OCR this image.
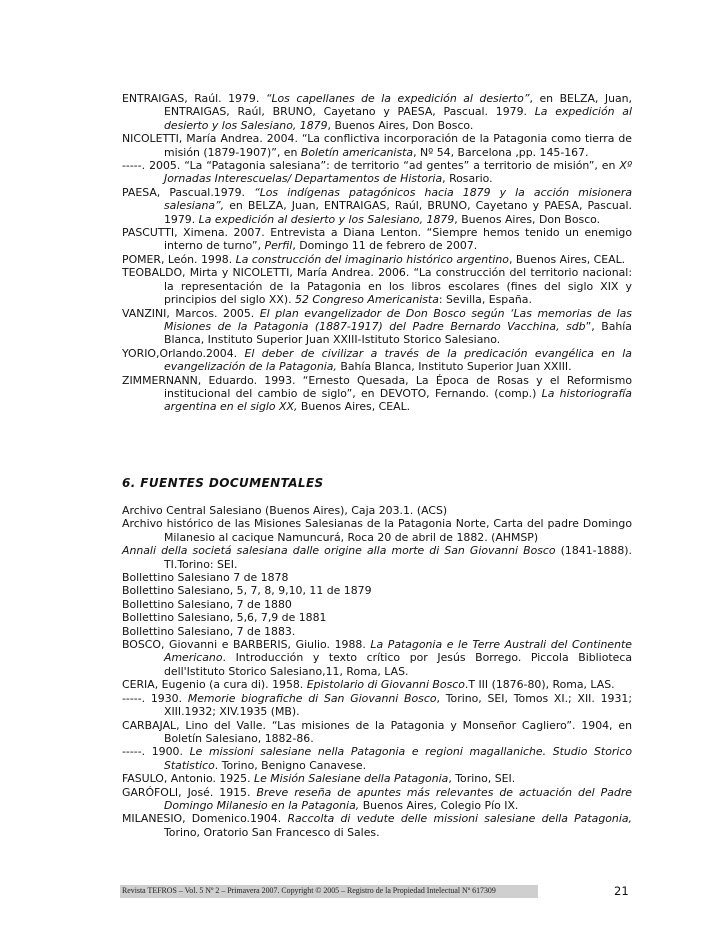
ENTRAIGAS, Raúl. 1979. “Los capellanes de la expedición al desierto”, en BELZA, Juan, ENTRAIGAS, Raúl, BRUNO, Cayetano y PAESA, Pascual. 1979. La expedición al desierto y los Salesiano, 1879, Buenos Aires, Don Bosco.

NICOLETTI, María Andrea. 2004. “La conflictiva incorporación de la Patagonia como tierra de misión (1879-1907)”, en Boletín americanista, Nº 54, Barcelona ,pp. 145-167.

-----. 2005. “La “Patagonia salesiana”: de territorio “ad gentes” a territorio de misión”, en Xº Jornadas Interescuelas/ Departamentos de Historia, Rosario.

PAESA, Pascual.1979. “Los indígenas patagónicos hacia 1879 y la acción misionera salesiana”, en BELZA, Juan, ENTRAIGAS, Raúl, BRUNO, Cayetano y PAESA, Pascual. 1979. La expedición al desierto y los Salesiano, 1879, Buenos Aires, Don Bosco.

PASCUTTI, Ximena. 2007. Entrevista a Diana Lenton. “Siempre hemos tenido un enemigo interno de turno”, Perfil, Domingo 11 de febrero de 2007.

POMER, León. 1998. La construcción del imaginario histórico argentino, Buenos Aires, CEAL.

TEOBALDO, Mirta y NICOLETTI, María Andrea. 2006. “La construcción del territorio nacional: la representación de la Patagonia en los libros escolares (fines del siglo XIX y principios del siglo XX). 52 Congreso Americanista: Sevilla, España.

VANZINI, Marcos. 2005. El plan evangelizador de Don Bosco según ‘Las memorias de las Misiones de la Patagonia (1887-1917) del Padre Bernardo Vacchina, sdb”, Bahía Blanca, Instituto Superior Juan XXIII-Istituto Storico Salesiano.

YORIO,Orlando.2004. El deber de civilizar a través de la predicación evangélica en la evangelización de la Patagonia, Bahía Blanca, Instituto Superior Juan XXIII.

ZIMMERNANN, Eduardo. 1993. “Ernesto Quesada, La Época de Rosas y el Reformismo institucional del cambio de siglo”, en DEVOTO, Fernando. (comp.) La historiografía argentina en el siglo XX, Buenos Aires, CEAL.

6. FUENTES DOCUMENTALES

Archivo Central Salesiano (Buenos Aires), Caja 203.1. (ACS)

Archivo histórico de las Misiones Salesianas de la Patagonia Norte, Carta del padre Domingo Milanesio al cacique Namuncurá, Roca 20 de abril de 1882. (AHMSP)

Annali della societá salesiana dalle origine alla morte di San Giovanni Bosco (1841-1888). TI.Torino: SEI.

Bollettino Salesiano 7 de 1878

Bollettino Salesiano, 5, 7, 8, 9,10, 11 de 1879

Bollettino Salesiano, 7 de 1880

Bollettino Salesiano, 5,6, 7,9 de 1881

Bollettino Salesiano, 7 de 1883.

BOSCO, Giovanni e BARBERIS, Giulio. 1988. La Patagonia e le Terre Australi del Continente Americano. Introducción y texto crítico por Jesús Borrego. Piccola Biblioteca dell'Istituto Storico Salesiano,11, Roma, LAS.

CERIA, Eugenio (a cura di). 1958. Epistolario di Giovanni Bosco.T III (1876-80), Roma, LAS.

-----. 1930. Memorie biografiche di San Giovanni Bosco, Torino, SEI, Tomos XI.; XII. 1931; XIII.1932; XIV.1935 (MB).

CARBAJAL, Lino del Valle. “Las misiones de la Patagonia y Monseñor Cagliero”. 1904, en Boletín Salesiano, 1882-86.

-----. 1900. Le missioni salesiane nella Patagonia e regioni magallaniche. Studio Storico Statistico. Torino, Benigno Canavese.

FASULO, Antonio. 1925. Le Misión Salesiane della Patagonia, Torino, SEI.

GARÓFOLI, José. 1915. Breve reseña de apuntes más relevantes de actuación del Padre Domingo Milanesio en la Patagonia, Buenos Aires, Colegio Pío IX.

MILANESIO, Domenico.1904. Raccolta di vedute delle missioni salesiane della Patagonia, Torino, Oratorio San Francesco di Sales.

Revista TEFROS – Vol. 5 Nº 2 – Primavera 2007. Copyright © 2005 – Registro de la Propiedad Intelectual Nº 617309	21
